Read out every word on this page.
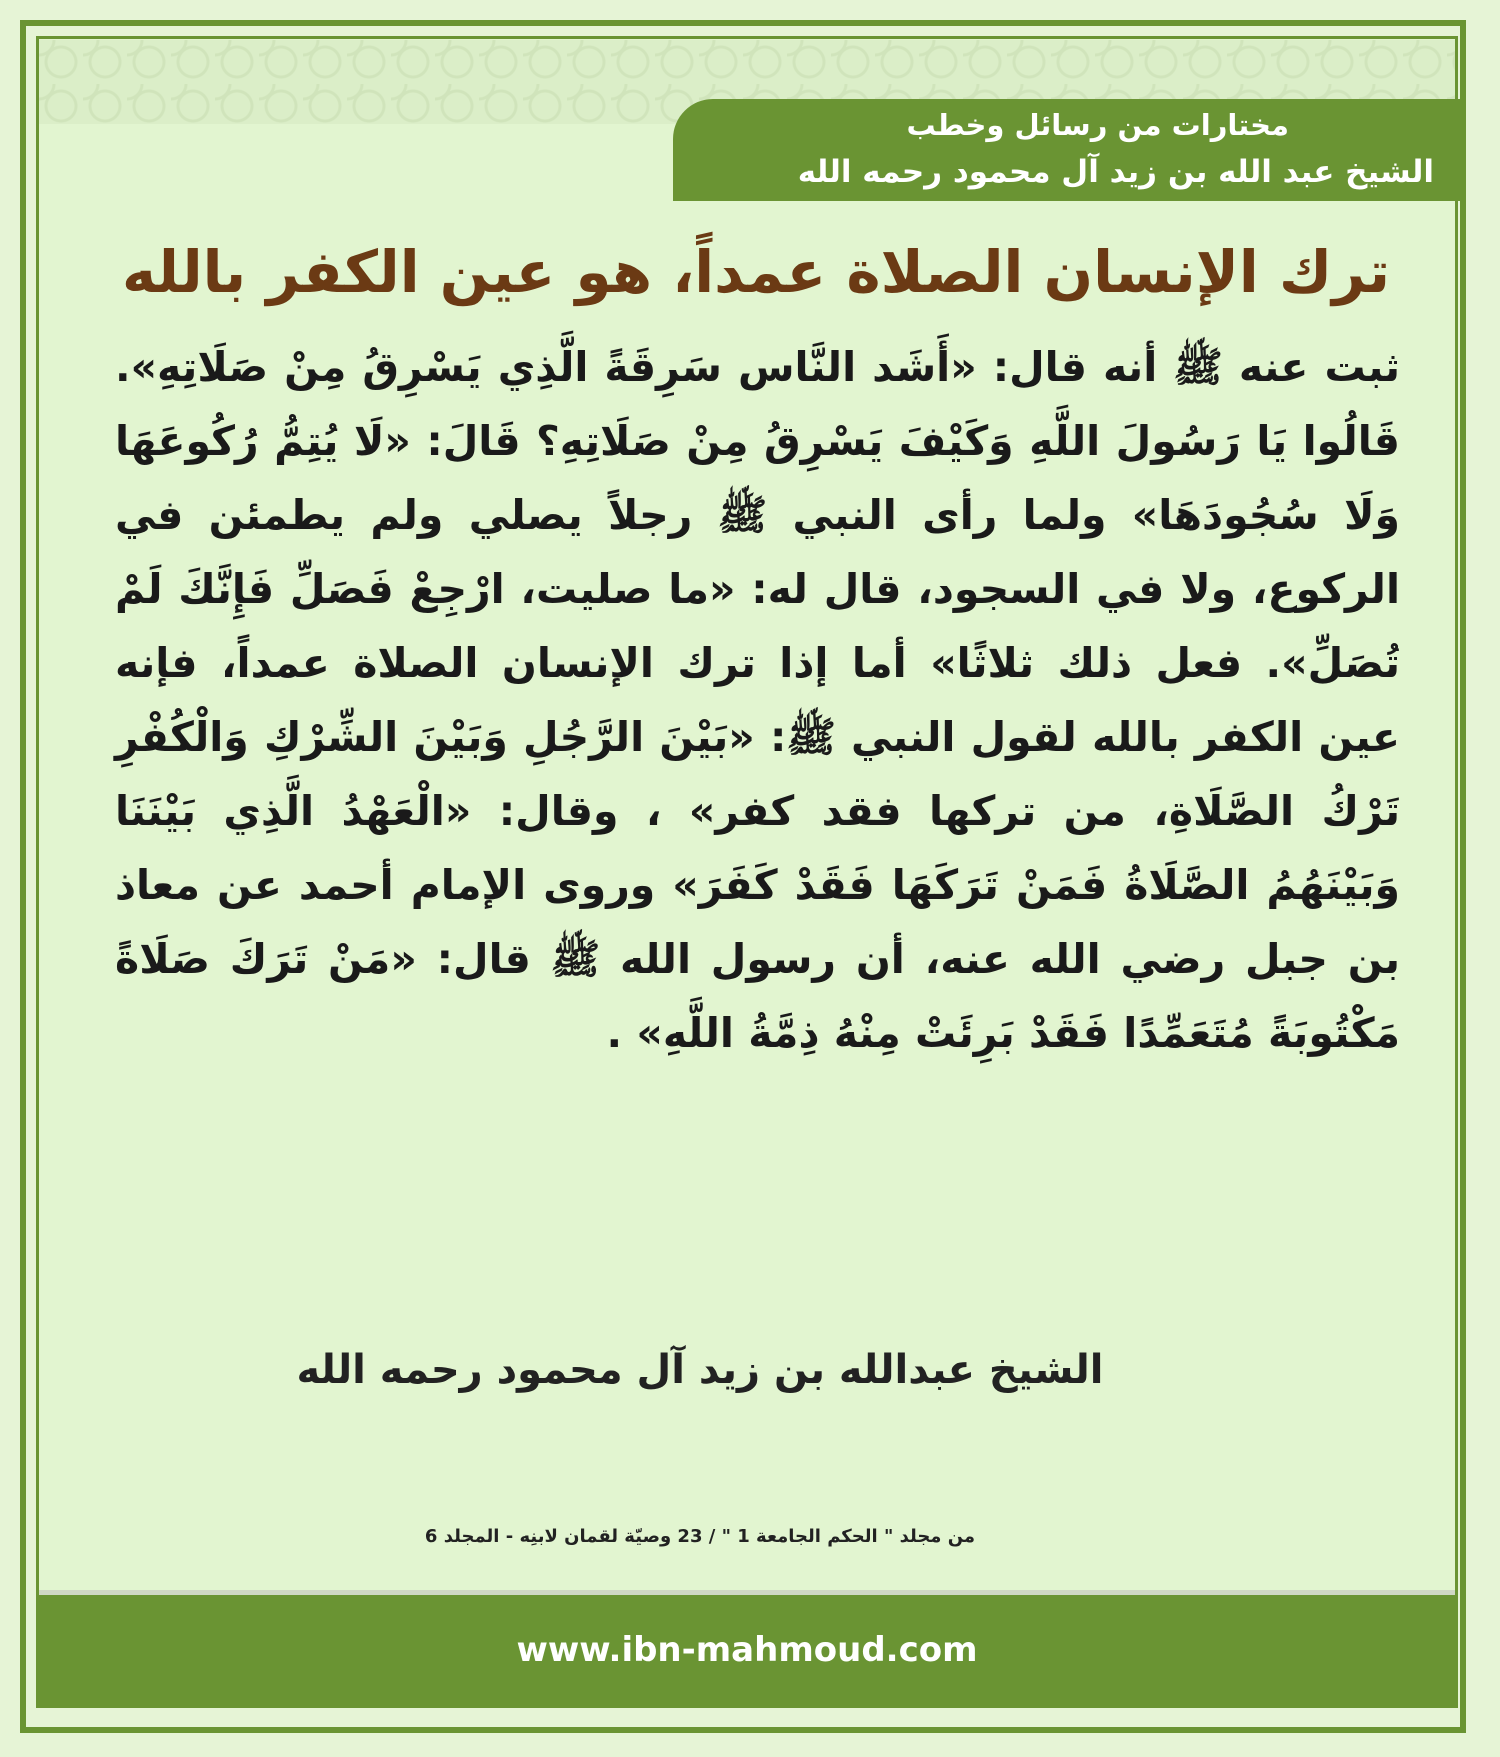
مختارات من رسائل وخطب
الشيخ عبد الله بن زيد آل محمود رحمه الله
ترك الإنسان الصلاة عمداً، هو عين الكفر بالله

ثبت عنه ﷺ أنه قال: «أَشَد النَّاس سَرِقَةً الَّذِي يَسْرِقُ مِنْ صَلَاتِهِ». قَالُوا يَا رَسُولَ اللَّهِ وَكَيْفَ يَسْرِقُ مِنْ صَلَاتِهِ؟ قَالَ: «لَا يُتِمُّ رُكُوعَهَا وَلَا سُجُودَهَا» ولما رأى النبي ﷺ رجلاً يصلي ولم يطمئن في الركوع، ولا في السجود، قال له: «ما صليت، ارْجِعْ فَصَلِّ فَإِنَّكَ لَمْ تُصَلِّ». فعل ذلك ثلاثًا» أما إذا ترك الإنسان الصلاة عمداً، فإنه عين الكفر بالله لقول النبي ﷺ: «بَيْنَ الرَّجُلِ وَبَيْنَ الشِّرْكِ وَالْكُفْرِ تَرْكُ الصَّلَاةِ، من تركها فقد كفر» ، وقال: «الْعَهْدُ الَّذِي بَيْنَنَا وَبَيْنَهُمُ الصَّلَاةُ فَمَنْ تَرَكَهَا فَقَدْ كَفَرَ» وروى الإمام أحمد عن معاذ بن جبل رضي الله عنه، أن رسول الله ﷺ قال: «مَنْ تَرَكَ صَلَاةً مَكْتُوبَةً مُتَعَمِّدًا فَقَدْ بَرِئَتْ مِنْهُ ذِمَّةُ اللَّهِ» .

الشيخ عبدالله بن زيد آل محمود رحمه الله
من مجلد " الحكم الجامعة 1 " / 23 وصيّة لقمان لابنِه - المجلد 6
www.ibn-mahmoud.com
